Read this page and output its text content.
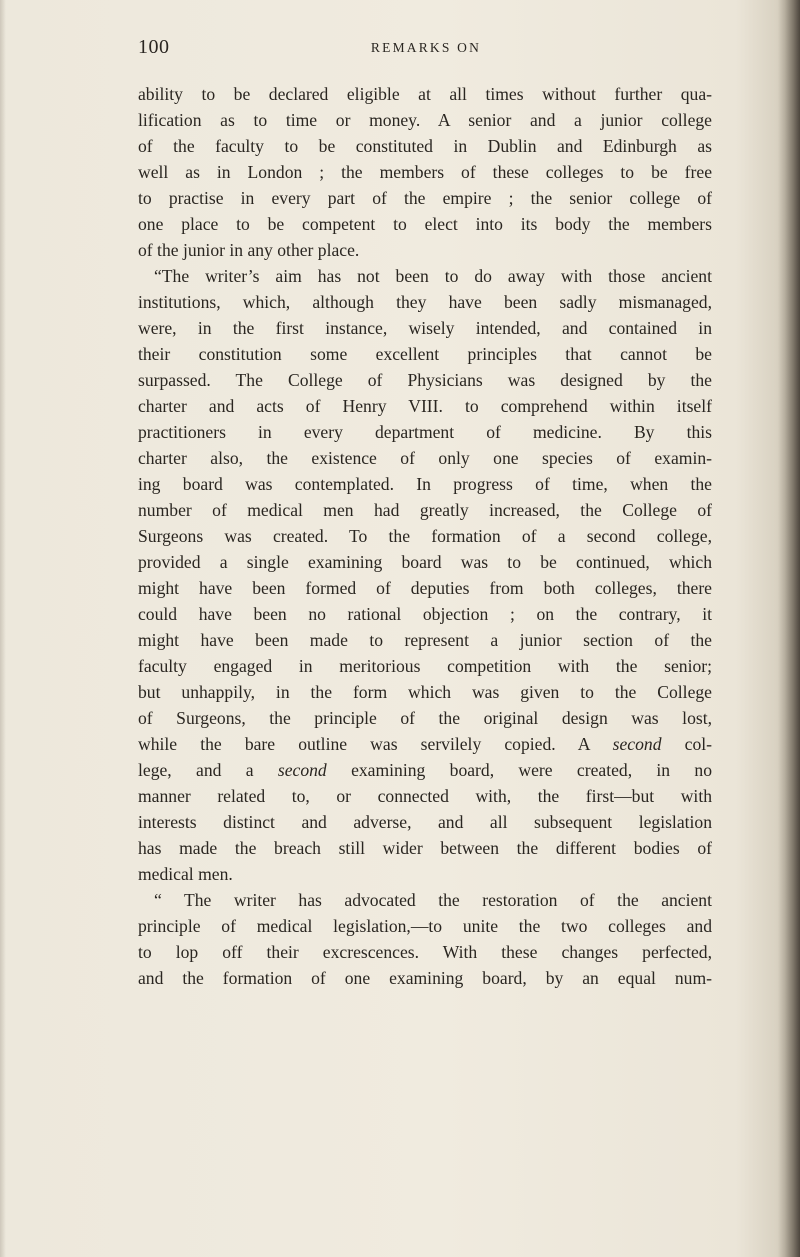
100	REMARKS ON
ability to be declared eligible at all times without further qua-
lification as to time or money. A senior and a junior college
of the faculty to be constituted in Dublin and Edinburgh as
well as in London ; the members of these colleges to be free
to practise in every part of the empire ; the senior college of
one place to be competent to elect into its body the members
of the junior in any other place.
“The writer’s aim has not been to do away with those ancient
institutions, which, although they have been sadly mismanaged,
were, in the first instance, wisely intended, and contained in
their constitution some excellent principles that cannot be
surpassed. The College of Physicians was designed by the
charter and acts of Henry VIII. to comprehend within itself
practitioners in every department of medicine. By this
charter also, the existence of only one species of examin-
ing board was contemplated. In progress of time, when the
number of medical men had greatly increased, the College of
Surgeons was created. To the formation of a second college,
provided a single examining board was to be continued, which
might have been formed of deputies from both colleges, there
could have been no rational objection ; on the contrary, it
might have been made to represent a junior section of the
faculty engaged in meritorious competition with the senior;
but unhappily, in the form which was given to the College
of Surgeons, the principle of the original design was lost,
while the bare outline was servilely copied. A second col-
lege, and a second examining board, were created, in no
manner related to, or connected with, the first—but with
interests distinct and adverse, and all subsequent legislation
has made the breach still wider between the different bodies of
medical men.
“ The writer has advocated the restoration of the ancient
principle of medical legislation,—to unite the two colleges and
to lop off their excrescences. With these changes perfected,
and the formation of one examining board, by an equal num-
